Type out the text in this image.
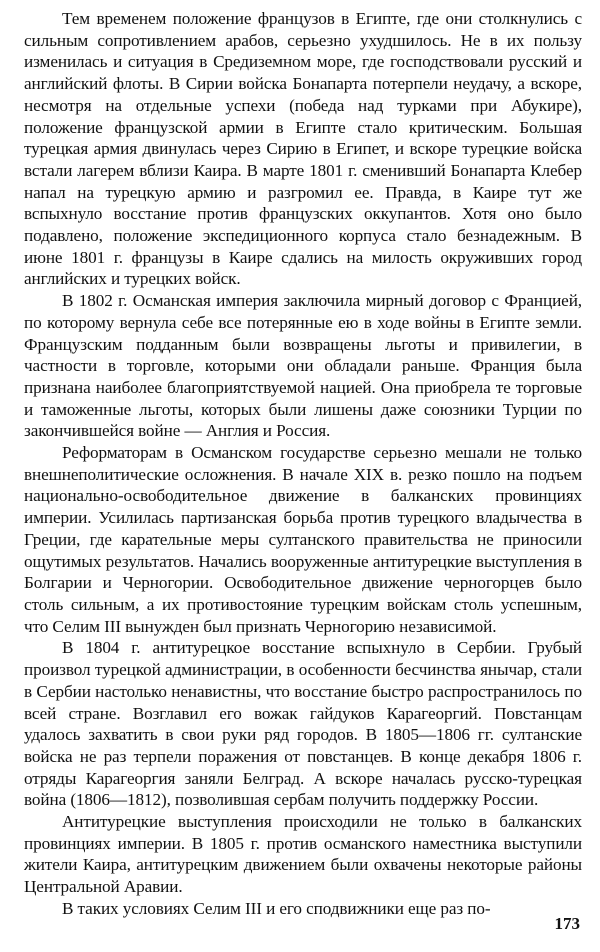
Тем временем положение французов в Египте, где они столкнулись с сильным сопротивлением арабов, серьезно ухудшилось. Не в их пользу изменилась и ситуация в Средиземном море, где господствовали русский и английский флоты. В Сирии войска Бонапарта потерпели неудачу, а вскоре, несмотря на отдельные успехи (победа над турками при Абукире), положение французской армии в Египте стало критическим. Большая турецкая армия двинулась через Сирию в Египет, и вскоре турецкие войска встали лагерем вблизи Каира. В марте 1801 г. сменивший Бонапарта Клебер напал на турецкую армию и разгромил ее. Правда, в Каире тут же вспыхнуло восстание против французских оккупантов. Хотя оно было подавлено, положение экспедиционного корпуса стало безнадежным. В июне 1801 г. французы в Каире сдались на милость окруживших город английских и турецких войск.

В 1802 г. Османская империя заключила мирный договор с Францией, по которому вернула себе все потерянные ею в ходе войны в Египте земли. Французским подданным были возвращены льготы и привилегии, в частности в торговле, которыми они обладали раньше. Франция была признана наиболее благоприятствуемой нацией. Она приобрела те торговые и таможенные льготы, которых были лишены даже союзники Турции по закончившейся войне — Англия и Россия.

Реформаторам в Османском государстве серьезно мешали не только внешнеполитические осложнения. В начале XIX в. резко пошло на подъем национально-освободительное движение в балканских провинциях империи. Усилилась партизанская борьба против турецкого владычества в Греции, где карательные меры султанского правительства не приносили ощутимых результатов. Начались вооруженные антитурецкие выступления в Болгарии и Черногории. Освободительное движение черногорцев было столь сильным, а их противостояние турецким войскам столь успешным, что Селим III вынужден был признать Черногорию независимой.

В 1804 г. антитурецкое восстание вспыхнуло в Сербии. Грубый произвол турецкой администрации, в особенности бесчинства янычар, стали в Сербии настолько ненавистны, что восстание быстро распространилось по всей стране. Возглавил его вожак гайдуков Карагеоргий. Повстанцам удалось захватить в свои руки ряд городов. В 1805—1806 гг. султанские войска не раз терпели поражения от повстанцев. В конце декабря 1806 г. отряды Карагеоргия заняли Белград. А вскоре началась русско-турецкая война (1806—1812), позволившая сербам получить поддержку России.

Антитурецкие выступления происходили не только в балканских провинциях империи. В 1805 г. против османского наместника выступили жители Каира, антитурецким движением были охвачены некоторые районы Центральной Аравии.

В таких условиях Селим III и его сподвижники еще раз по-

173
